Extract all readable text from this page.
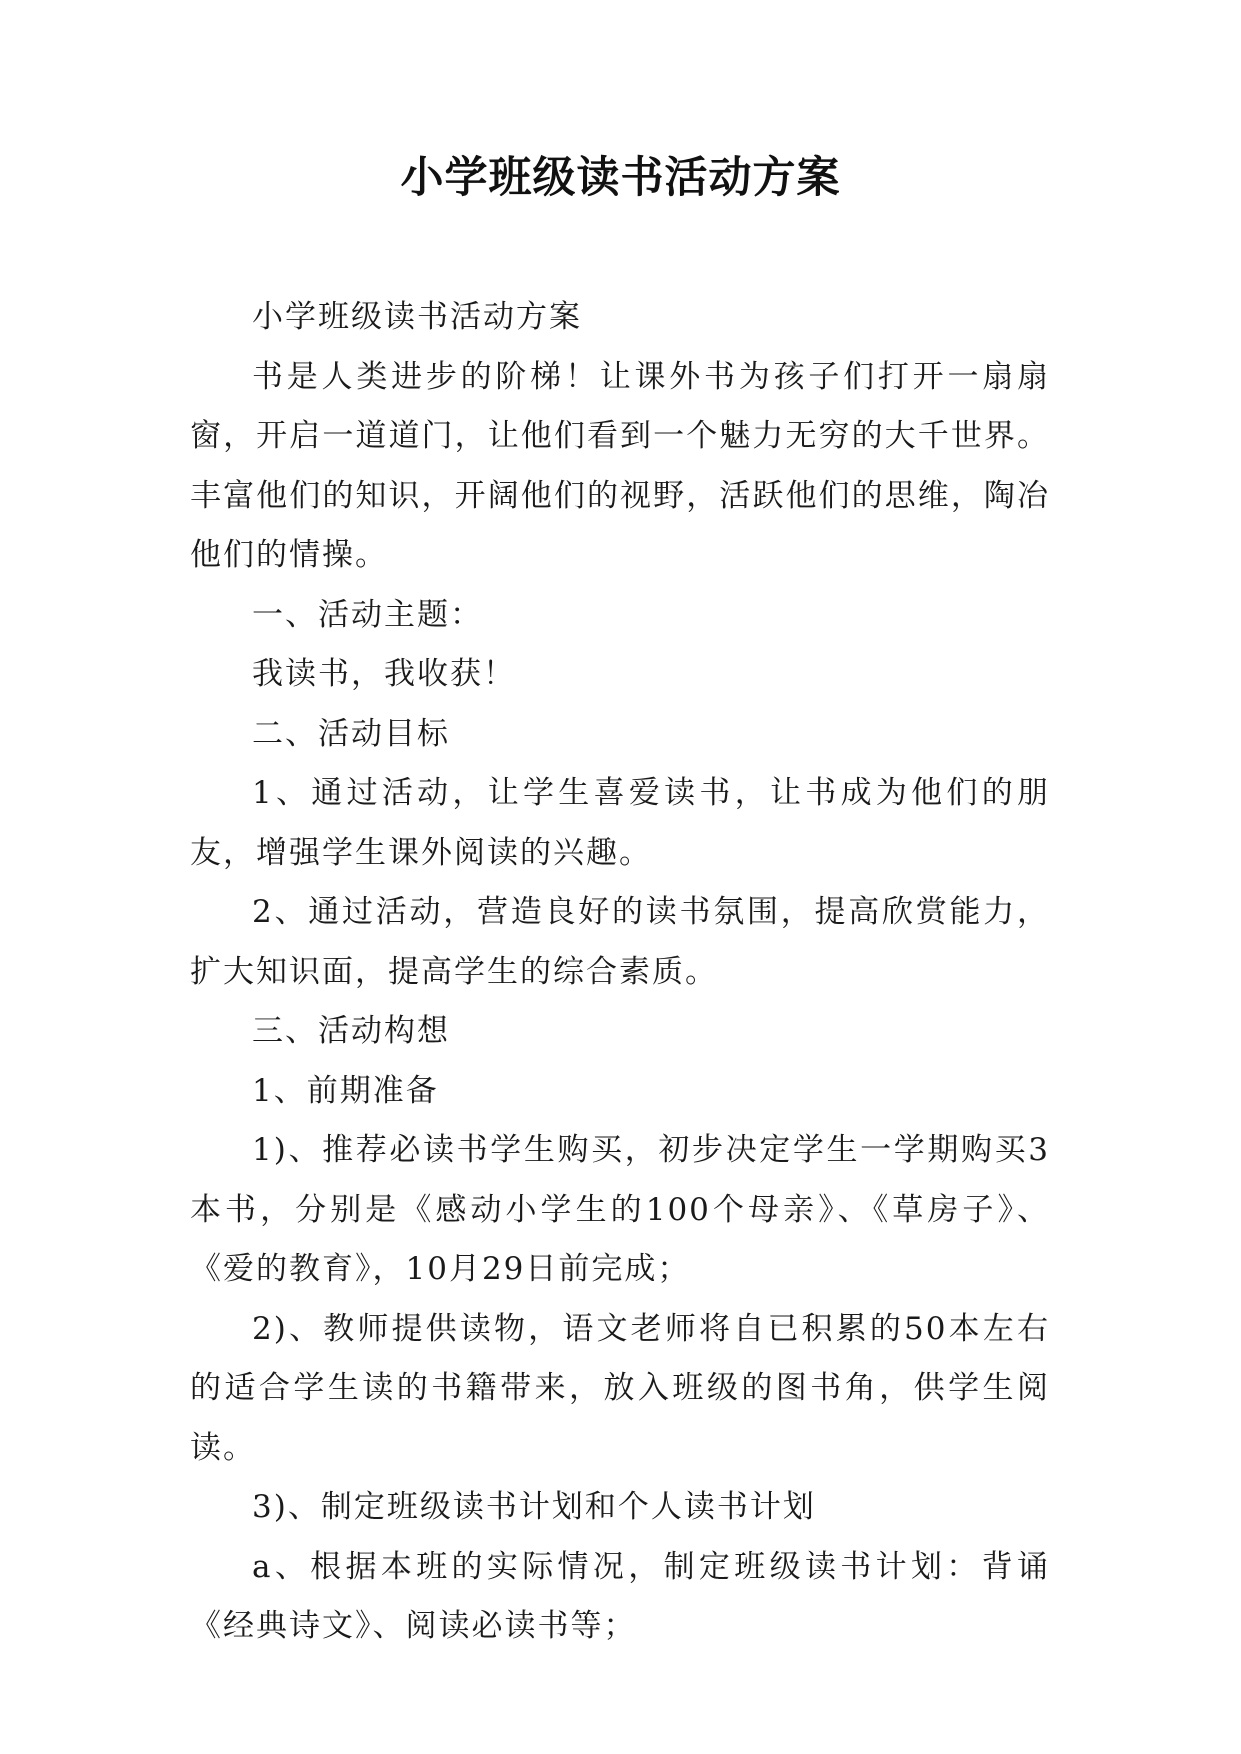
小学班级读书活动方案

小学班级读书活动方案

书是人类进步的阶梯！让课外书为孩子们打开一扇扇窗，开启一道道门，让他们看到一个魅力无穷的大千世界。丰富他们的知识，开阔他们的视野，活跃他们的思维，陶冶他们的情操。

一、活动主题：

我读书，我收获！

二、活动目标

1、通过活动，让学生喜爱读书，让书成为他们的朋友，增强学生课外阅读的兴趣。

2、通过活动，营造良好的读书氛围，提高欣赏能力，扩大知识面，提高学生的综合素质。

三、活动构想

1、前期准备

1)、推荐必读书学生购买，初步决定学生一学期购买3本书，分别是《感动小学生的100个母亲》、《草房子》、《爱的教育》，10月29日前完成；

2)、教师提供读物，语文老师将自已积累的50本左右的适合学生读的书籍带来，放入班级的图书角，供学生阅读。

3)、制定班级读书计划和个人读书计划

a、根据本班的实际情况，制定班级读书计划：背诵《经典诗文》、阅读必读书等；
